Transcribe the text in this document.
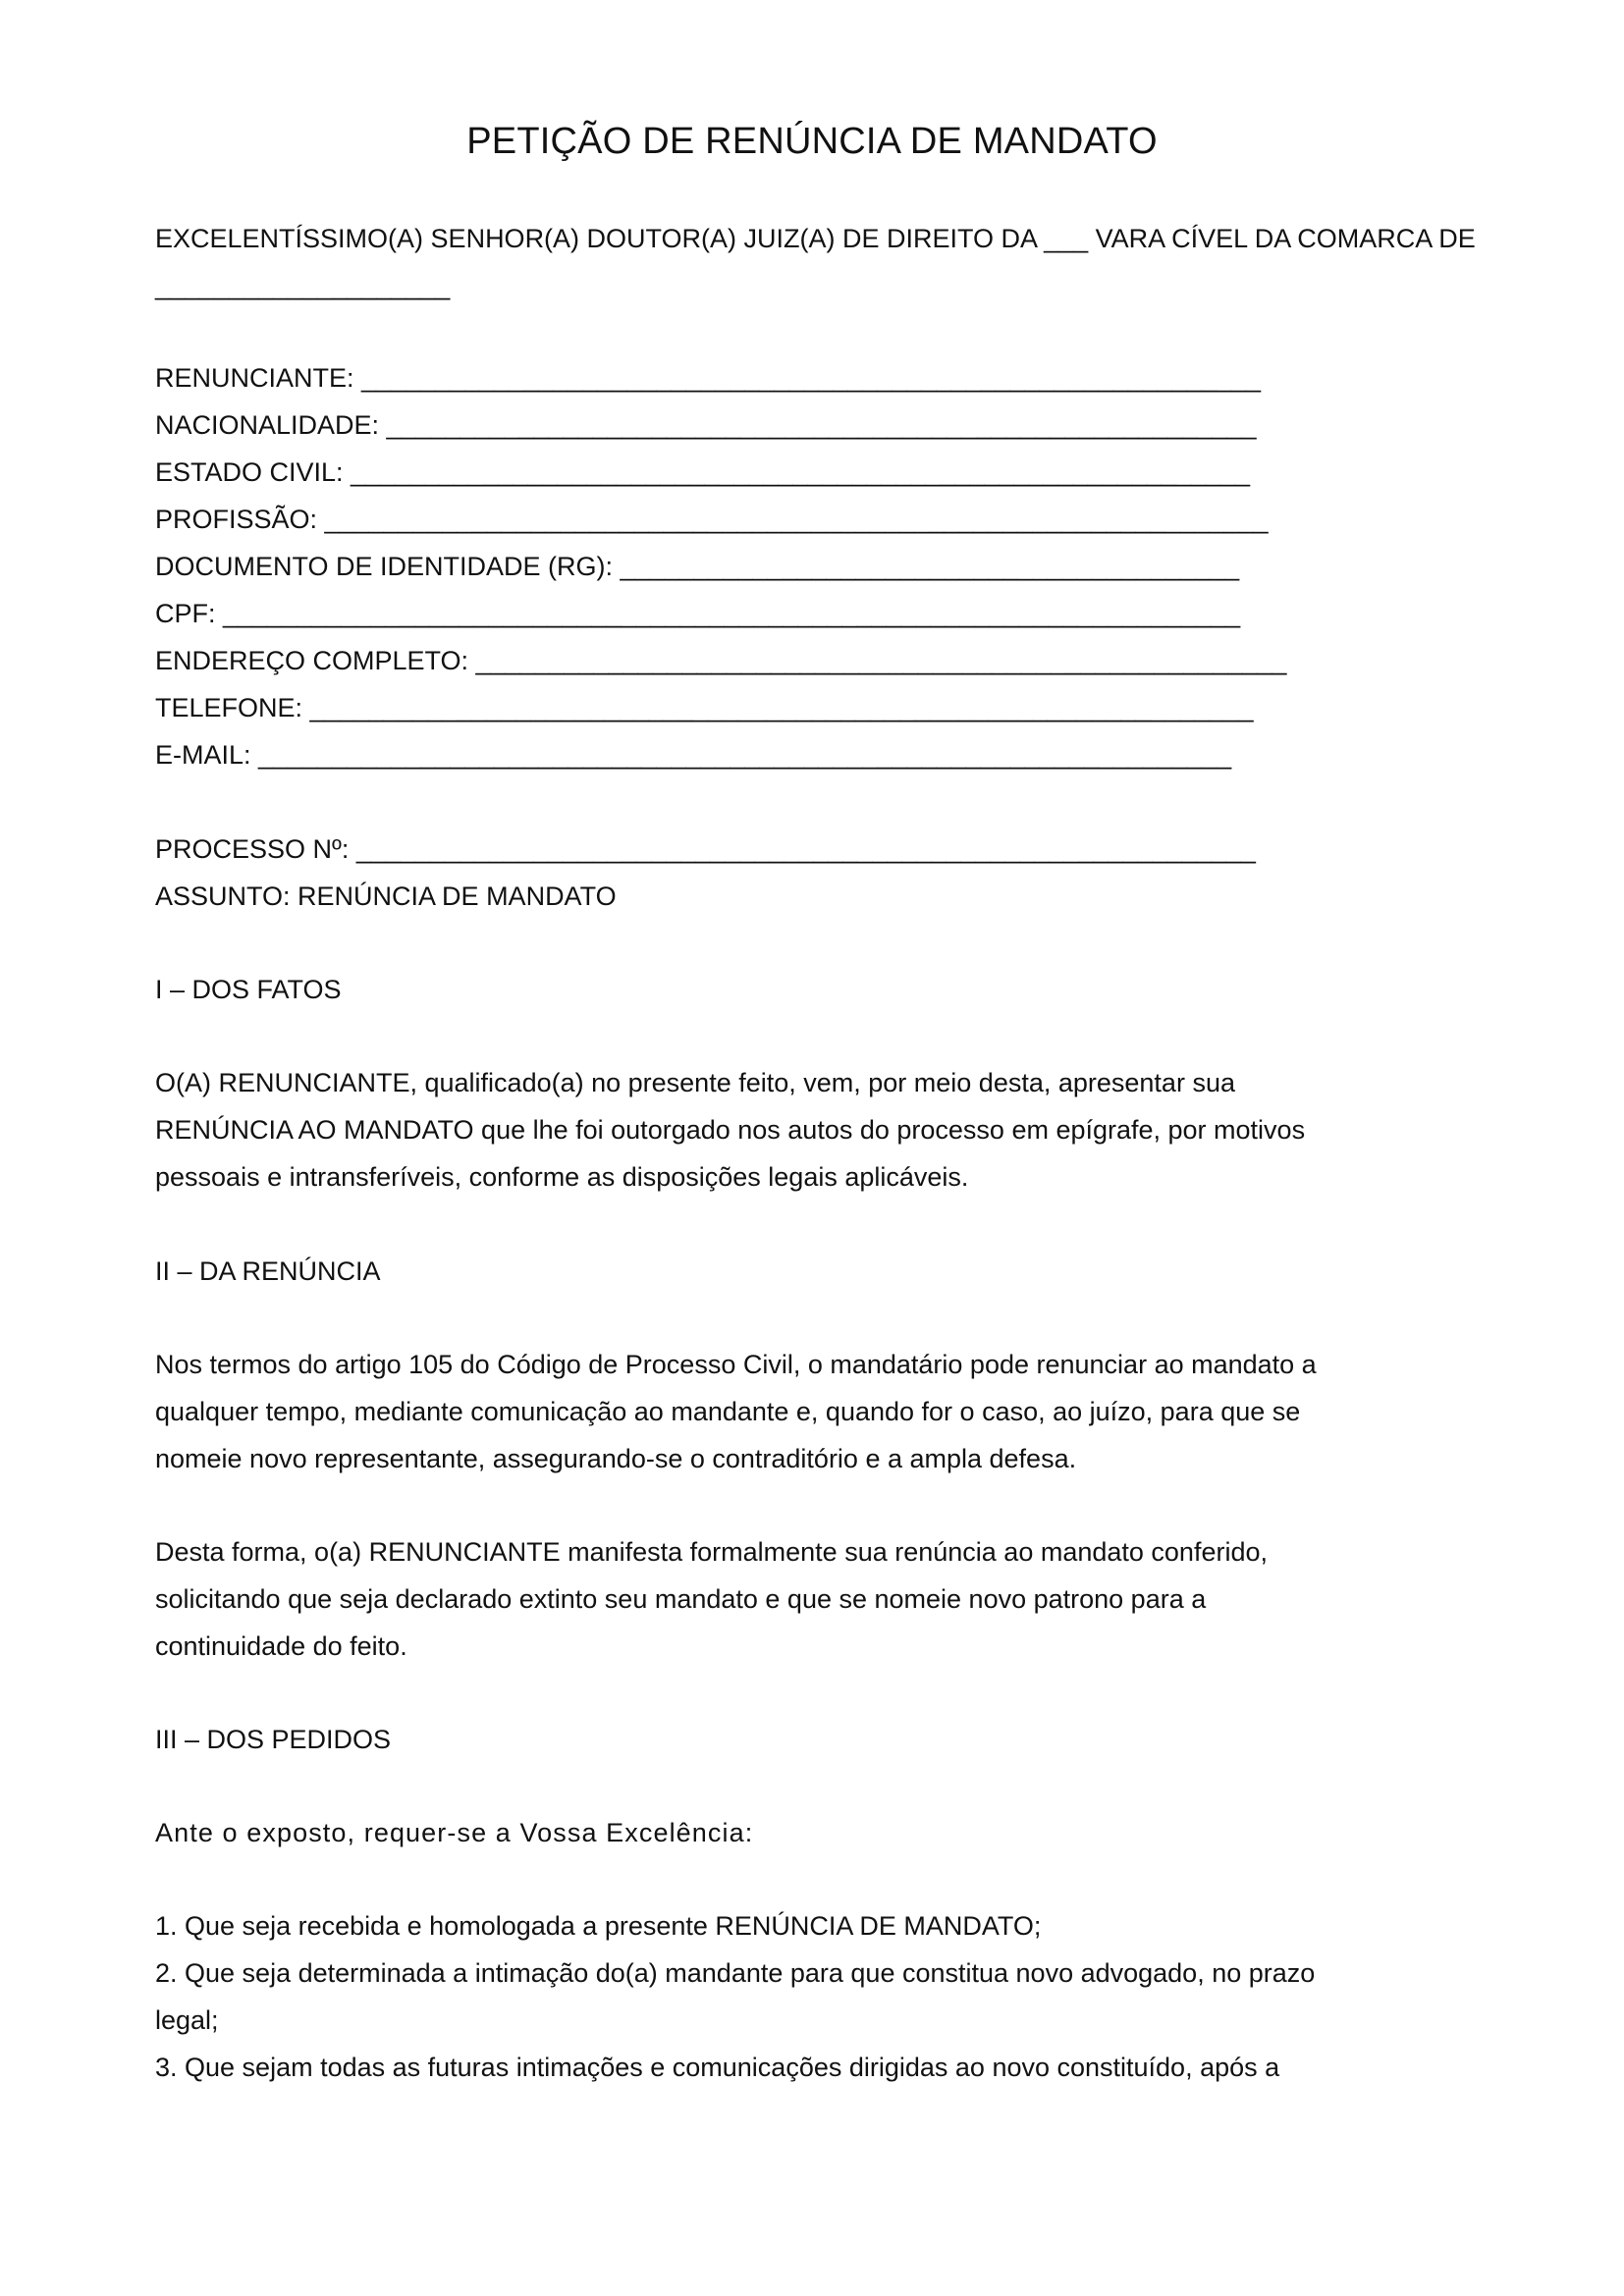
PETIÇÃO DE RENÚNCIA DE MANDATO
EXCELENTÍSSIMO(A) SENHOR(A) DOUTOR(A) JUIZ(A) DE DIREITO DA ___ VARA CÍVEL DA COMARCA DE
____________________
RENUNCIANTE: _____________________________________________________________
NACIONALIDADE: ___________________________________________________________
ESTADO CIVIL: _____________________________________________________________
PROFISSÃO: ________________________________________________________________
DOCUMENTO DE IDENTIDADE (RG): __________________________________________
CPF: _____________________________________________________________________
ENDEREÇO COMPLETO: _______________________________________________________
TELEFONE: ________________________________________________________________
E-MAIL: __________________________________________________________________
PROCESSO Nº: _____________________________________________________________
ASSUNTO: RENÚNCIA DE MANDATO
I – DOS FATOS
O(A) RENUNCIANTE, qualificado(a) no presente feito, vem, por meio desta, apresentar sua
RENÚNCIA AO MANDATO que lhe foi outorgado nos autos do processo em epígrafe, por motivos
pessoais e intransferíveis, conforme as disposições legais aplicáveis.
II – DA RENÚNCIA
Nos termos do artigo 105 do Código de Processo Civil, o mandatário pode renunciar ao mandato a
qualquer tempo, mediante comunicação ao mandante e, quando for o caso, ao juízo, para que se
nomeie novo representante, assegurando-se o contraditório e a ampla defesa.
Desta forma, o(a) RENUNCIANTE manifesta formalmente sua renúncia ao mandato conferido,
solicitando que seja declarado extinto seu mandato e que se nomeie novo patrono para a
continuidade do feito.
III – DOS PEDIDOS
Ante o exposto, requer-se a Vossa Excelência:
1. Que seja recebida e homologada a presente RENÚNCIA DE MANDATO;
2. Que seja determinada a intimação do(a) mandante para que constitua novo advogado, no prazo
legal;
3. Que sejam todas as futuras intimações e comunicações dirigidas ao novo constituído, após a
